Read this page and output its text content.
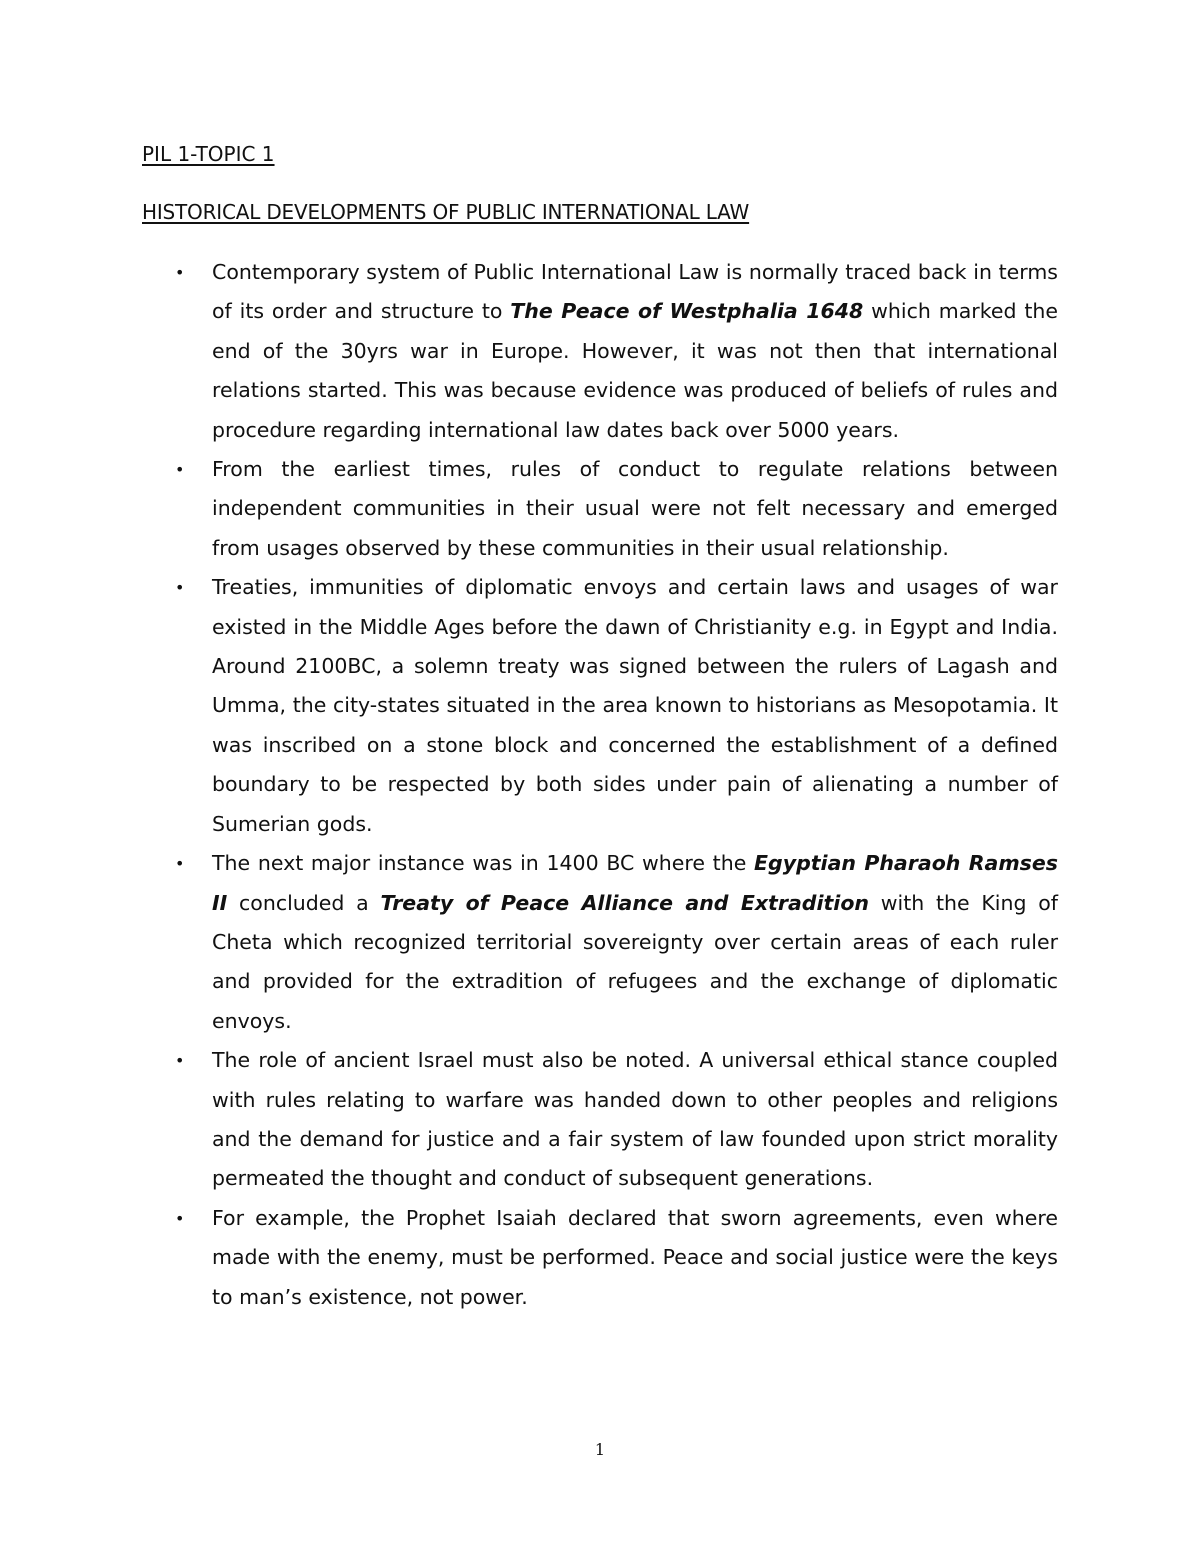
PIL 1-TOPIC 1
HISTORICAL DEVELOPMENTS OF PUBLIC INTERNATIONAL LAW
• Contemporary system of Public International Law is normally traced back in terms of its order and structure to The Peace of Westphalia 1648 which marked the end of the 30yrs war in Europe. However, it was not then that international relations started. This was because evidence was produced of beliefs of rules and procedure regarding international law dates back over 5000 years.
• From the earliest times, rules of conduct to regulate relations between independent communities in their usual were not felt necessary and emerged from usages observed by these communities in their usual relationship.
• Treaties, immunities of diplomatic envoys and certain laws and usages of war existed in the Middle Ages before the dawn of Christianity e.g. in Egypt and India. Around 2100BC, a solemn treaty was signed between the rulers of Lagash and Umma, the city-states situated in the area known to historians as Mesopotamia. It was inscribed on a stone block and concerned the establishment of a defined boundary to be respected by both sides under pain of alienating a number of Sumerian gods.
• The next major instance was in 1400 BC where the Egyptian Pharaoh Ramses II concluded a Treaty of Peace Alliance and Extradition with the King of Cheta which recognized territorial sovereignty over certain areas of each ruler and provided for the extradition of refugees and the exchange of diplomatic envoys.
• The role of ancient Israel must also be noted. A universal ethical stance coupled with rules relating to warfare was handed down to other peoples and religions and the demand for justice and a fair system of law founded upon strict morality permeated the thought and conduct of subsequent generations.
• For example, the Prophet Isaiah declared that sworn agreements, even where made with the enemy, must be performed. Peace and social justice were the keys to man’s existence, not power.
1
